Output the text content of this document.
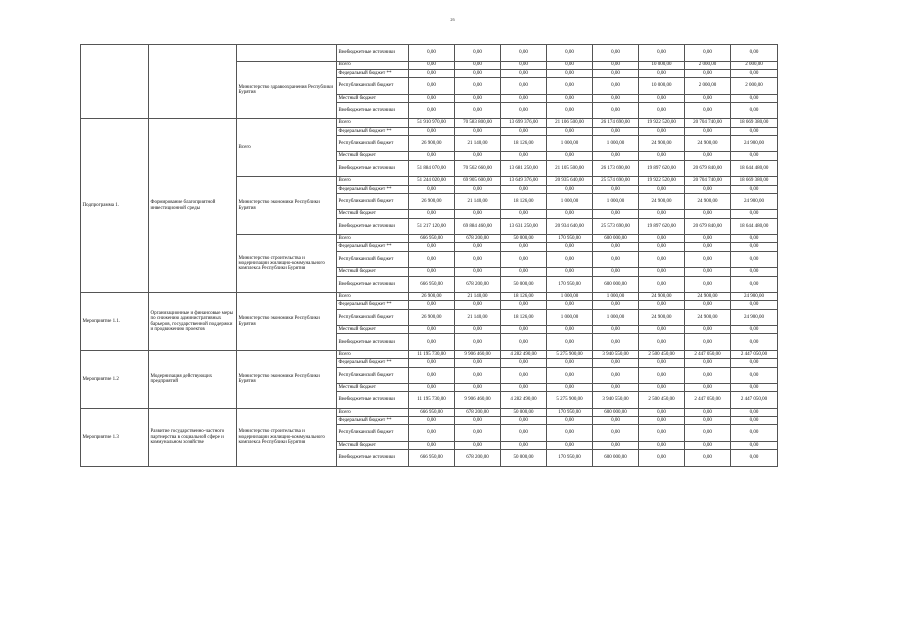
26
			Внебюджетные источники	0,00	0,00	0,00	0,00	0,00	0,00	0,00	0,00
		Министерство здравоохранения Республики Бурятия	Всего	0,00	0,00	0,00	0,00	0,00	10 000,00	2 000,00	2 000,00
			Федеральный бюджет **	0,00	0,00	0,00	0,00	0,00	0,00	0,00	0,00
			Республиканский бюджет	0,00	0,00	0,00	0,00	0,00	10 000,00	2 000,00	2 000,00
			Местный бюджет	0,00	0,00	0,00	0,00	0,00	0,00	0,00	0,00
			Внебюджетные источники	0,00	0,00	0,00	0,00	0,00	0,00	0,00	0,00
Подпрограмма 1.	Формирование благоприятной инвестиционной среды	Всего	Всего	51 910 970,00	70 583 800,00	13 699 376,00	21 106 500,00	26 174 690,00	19 922 520,00	20 704 740,00	18 669 380,00
			Федеральный бюджет **	0,00	0,00	0,00	0,00	0,00	0,00	0,00	0,00
			Республиканский бюджет	26 900,00	21 140,00	18 126,00	1 000,00	1 000,00	24 900,00	24 900,00	24 900,00
			Местный бюджет	0,00	0,00	0,00	0,00	0,00	0,00	0,00	0,00
			Внебюджетные источники	51 884 070,00	70 562 660,00	13 681 250,00	21 105 500,00	26 173 690,00	19 897 620,00	20 679 840,00	18 644 480,00
		Министерство экономики Республики Бурятия	Всего	51 244 020,00	69 905 600,00	13 649 376,00	20 935 640,00	25 574 690,00	19 922 520,00	20 704 740,00	18 669 380,00
			Федеральный бюджет **	0,00	0,00	0,00	0,00	0,00	0,00	0,00	0,00
			Республиканский бюджет	26 900,00	21 140,00	18 126,00	1 000,00	1 000,00	24 900,00	24 900,00	24 900,00
			Местный бюджет	0,00	0,00	0,00	0,00	0,00	0,00	0,00	0,00
			Внебюджетные источники	51 217 120,00	69 884 460,00	13 631 250,00	20 934 640,00	25 573 690,00	19 897 620,00	20 679 840,00	18 644 480,00
		Министерство строительства и модернизации жилищно-коммунального комплекса Республики Бурятия	Всего	666 950,00	678 200,00	50 000,00	170 950,00	600 000,00	0,00	0,00	0,00
			Федеральный бюджет **	0,00	0,00	0,00	0,00	0,00	0,00	0,00	0,00
			Республиканский бюджет	0,00	0,00	0,00	0,00	0,00	0,00	0,00	0,00
			Местный бюджет	0,00	0,00	0,00	0,00	0,00	0,00	0,00	0,00
			Внебюджетные источники	666 950,00	678 200,00	50 000,00	170 950,00	600 000,00	0,00	0,00	0,00
Мероприятие 1.1.	Организационные и финансовые меры по снижению административных барьеров, государственной поддержки и продвижению проектов	Министерство экономики Республики Бурятия	Всего	26 900,00	21 140,00	18 126,00	1 000,00	1 000,00	24 900,00	24 900,00	24 900,00
			Федеральный бюджет **	0,00	0,00	0,00	0,00	0,00	0,00	0,00	0,00
			Республиканский бюджет	26 900,00	21 140,00	18 126,00	1 000,00	1 000,00	24 900,00	24 900,00	24 900,00
			Местный бюджет	0,00	0,00	0,00	0,00	0,00	0,00	0,00	0,00
			Внебюджетные источники	0,00	0,00	0,00	0,00	0,00	0,00	0,00	0,00
Мероприятие 1.2	Модернизация действующих предприятий	Министерство экономики Республики Бурятия	Всего	11 195 730,00	9 906 460,00	4 282 490,00	5 275 900,00	3 940 550,00	2 500 450,00	2 447 050,00	2 447 050,00
			Федеральный бюджет **	0,00	0,00	0,00	0,00	0,00	0,00	0,00	0,00
			Республиканский бюджет	0,00	0,00	0,00	0,00	0,00	0,00	0,00	0,00
			Местный бюджет	0,00	0,00	0,00	0,00	0,00	0,00	0,00	0,00
			Внебюджетные источники	11 195 730,00	9 906 460,00	4 282 490,00	5 275 900,00	3 940 550,00	2 500 450,00	2 447 050,00	2 447 050,00
Мероприятие 1.3	Развитие государственно-частного партнерства в социальной сфере и коммунальном хозяйстве	Министерство строительства и модернизации жилищно-коммунального комплекса Республики Бурятия	Всего	666 950,00	678 200,00	50 000,00	170 950,00	600 000,00	0,00	0,00	0,00
			Федеральный бюджет **	0,00	0,00	0,00	0,00	0,00	0,00	0,00	0,00
			Республиканский бюджет	0,00	0,00	0,00	0,00	0,00	0,00	0,00	0,00
			Местный бюджет	0,00	0,00	0,00	0,00	0,00	0,00	0,00	0,00
			Внебюджетные источники	666 950,00	678 200,00	50 000,00	170 950,00	600 000,00	0,00	0,00	0,00
